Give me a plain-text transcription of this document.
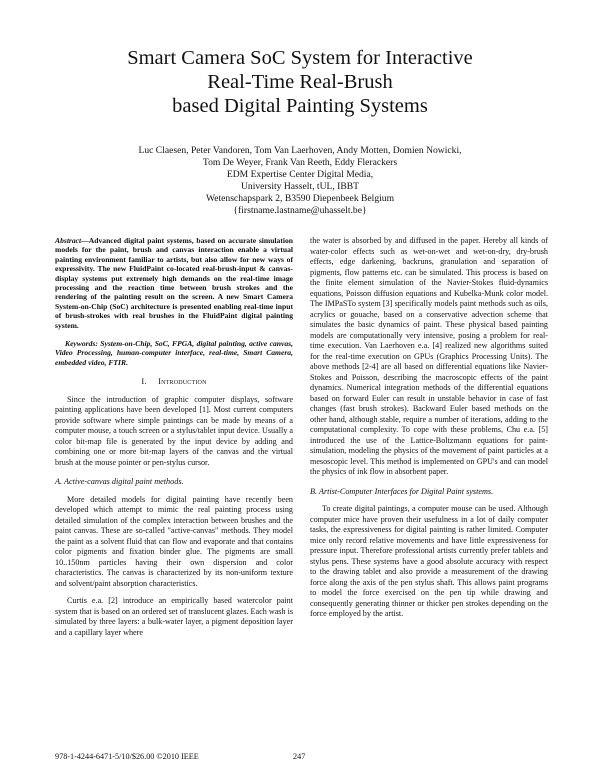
Smart Camera SoC System for Interactive
Real-Time Real-Brush
based Digital Painting Systems
Luc Claesen, Peter Vandoren, Tom Van Laerhoven, Andy Motten, Domien Nowicki,
Tom De Weyer, Frank Van Reeth, Eddy Flerackers
EDM Expertise Center Digital Media,
University Hasselt, tUL, IBBT
Wetenschapspark 2, B3590 Diepenbeek Belgium
{firstname.lastname@uhasselt.be}

Abstract—Advanced digital paint systems, based on accurate simulation models for the paint, brush and canvas interaction enable a virtual painting environment familiar to artists, but also allow for new ways of expressivity. The new FluidPaint co-located real-brush-input & canvas-display systems put extremely high demands on the real-time image processing and the reaction time between brush strokes and the rendering of the painting result on the screen. A new Smart Camera System-on-Chip (SoC) architecture is presented enabling real-time input of brush-strokes with real brushes in the FluidPaint digital painting system.

Keywords: System-on-Chip, SoC, FPGA, digital painting, active canvas, Video Processing, human-computer interface, real-time, Smart Camera, embedded video, FTIR.

I. Introduction

Since the introduction of graphic computer displays, software painting applications have been developed [1]. Most current computers provide software where simple paintings can be made by means of a computer mouse, a touch screen or a stylus/tablet input device. Usually a color bit-map file is generated by the input device by adding and combining one or more bit-map layers of the canvas and the virtual brush at the mouse pointer or pen-stylus cursor.

A. Active-canvas digital paint methods.

More detailed models for digital painting have recently been developed which attempt to mimic the real painting process using detailed simulation of the complex interaction between brushes and the paint canvas. These are so-called "active-canvas" methods. They model the paint as a solvent fluid that can flow and evaporate and that contains color pigments and fixation binder glue. The pigments are small 10..150nm particles having their own dispersion and color characteristics. The canvas is characterized by its non-uniform texture and solvent/paint absorption characteristics.

Curtis e.a. [2] introduce an empirically based watercolor paint system that is based on an ordered set of translucent glazes. Each wash is simulated by three layers: a bulk-water layer, a pigment deposition layer and a capillary layer where

the water is absorbed by and diffused in the paper. Hereby all kinds of water-color effects such as wet-on-wet and wet-on-dry, dry-brush effects, edge darkening, backruns, granulation and separation of pigments, flow patterns etc. can be simulated. This process is based on the finite element simulation of the Navier-Stokes fluid-dynamics equations, Poisson diffusion equations and Kubelka-Munk color model. The IMPaSTo system [3] specifically models paint methods such as oils, acrylics or gouache, based on a conservative advection scheme that simulates the basic dynamics of paint. These physical based painting models are computationally very intensive, posing a problem for real-time execution. Van Laerhoven e.a. [4] realized new algorithms suited for the real-time execution on GPUs (Graphics Processing Units). The above methods [2-4] are all based on differential equations like Navier-Stokes and Poisson, describing the macroscopic effects of the paint dynamics. Numerical integration methods of the differential equations based on forward Euler can result in unstable behavior in case of fast changes (fast brush strokes). Backward Euler based methods on the other hand, although stable, require a number of iterations, adding to the computational complexity. To cope with these problems, Chu e.a. [5] introduced the use of the Lattice-Boltzmann equations for paint-simulation, modeling the physics of the movement of paint particles at a mesoscopic level. This method is implemented on GPU's and can model the physics of ink flow in absorbent paper.

B. Artist-Computer Interfaces for Digital Paint systems.

To create digital paintings, a computer mouse can be used. Although computer mice have proven their usefulness in a lot of daily computer tasks, the expressiveness for digital painting is rather limited. Computer mice only record relative movements and have little expressiveness for pressure input. Therefore professional artists currently prefer tablets and stylus pens. These systems have a good absolute accuracy with respect to the drawing tablet and also provide a measurement of the drawing force along the axis of the pen stylus shaft. This allows paint programs to model the force exercised on the pen tip while drawing and consequently generating thinner or thicker pen strokes depending on the force employed by the artist.

978-1-4244-6471-5/10/$26.00 ©2010 IEEE	247
